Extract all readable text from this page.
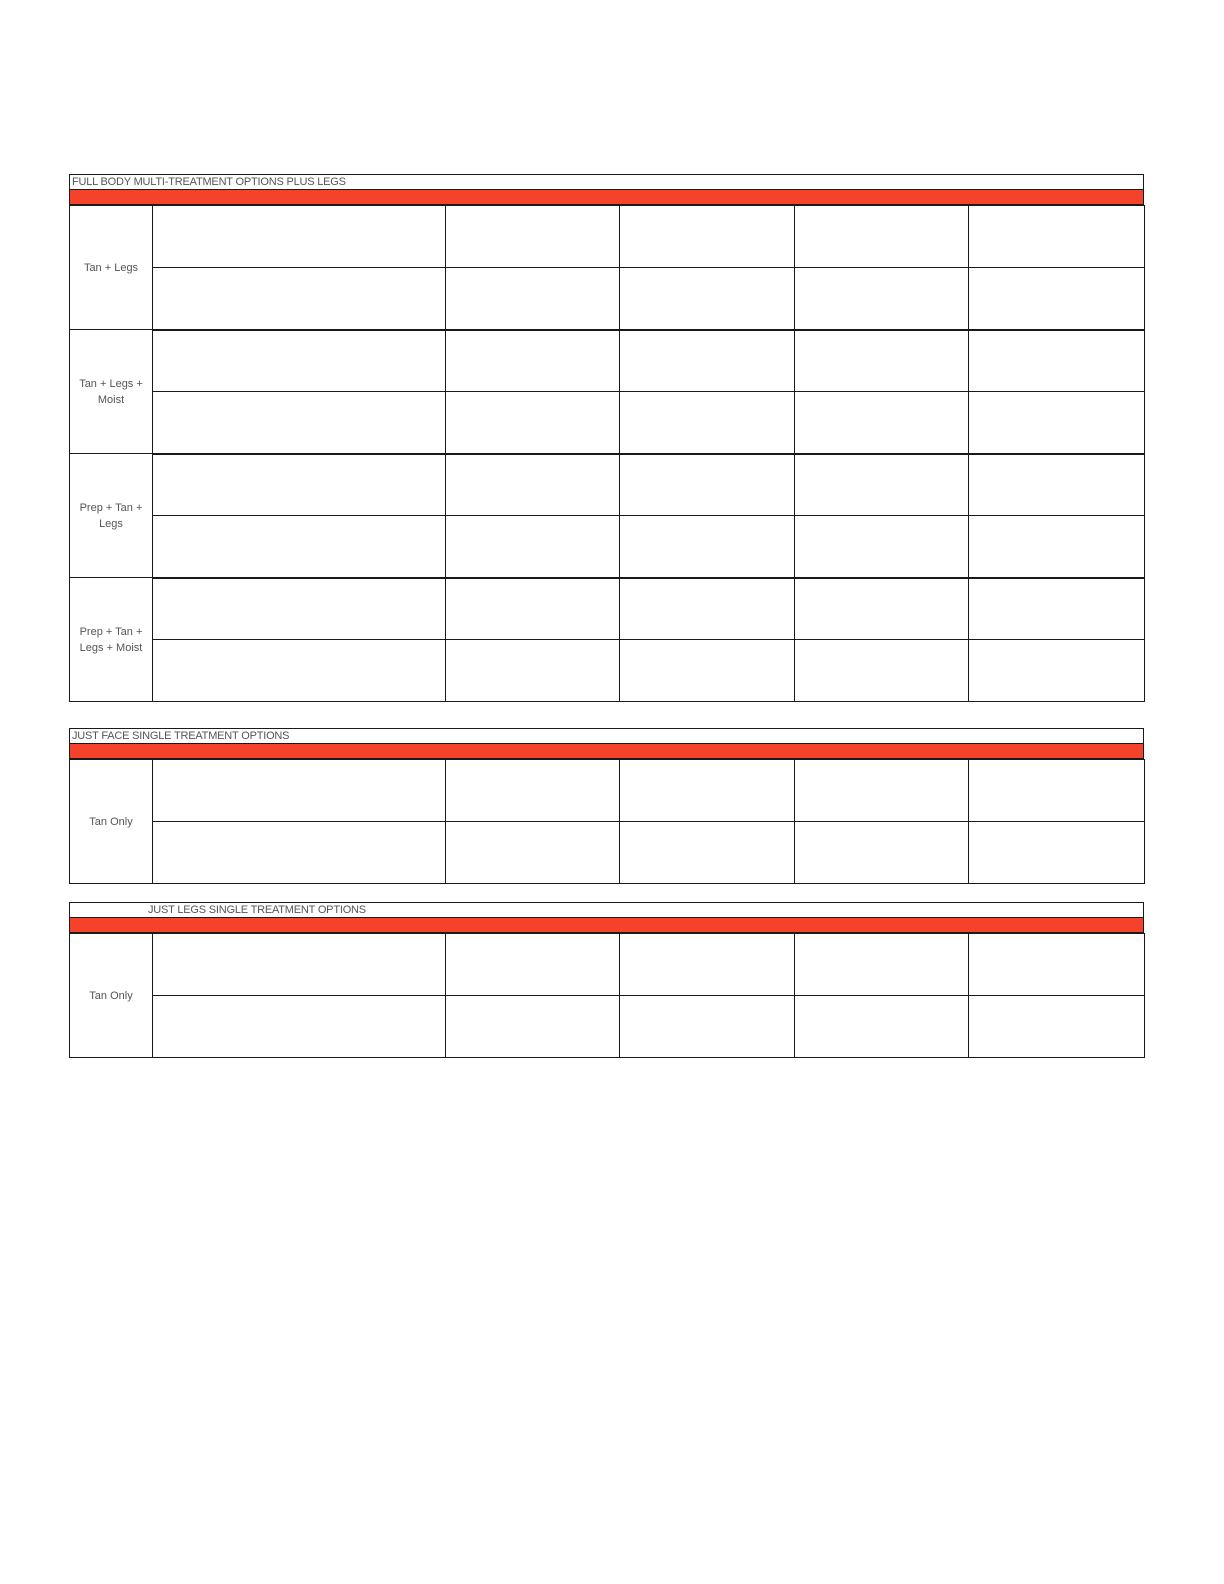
FULL BODY MULTI-TREATMENT OPTIONS PLUS LEGS
Tan + Legs					

Tan + Legs + Moist					

Prep + Tan + Legs					

Prep + Tan + Legs + Moist					

JUST FACE SINGLE TREATMENT OPTIONS
Tan Only					

JUST LEGS SINGLE TREATMENT OPTIONS
Tan Only					
